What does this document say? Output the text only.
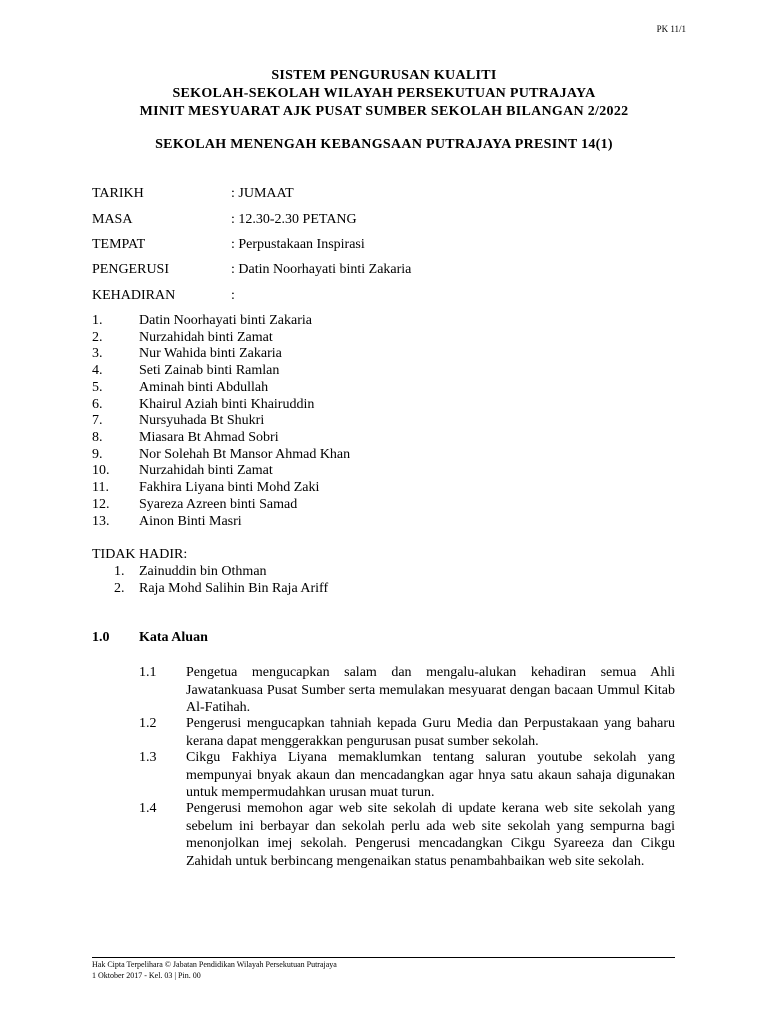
PK 11/1
SISTEM PENGURUSAN KUALITI
SEKOLAH-SEKOLAH WILAYAH PERSEKUTUAN PUTRAJAYA
MINIT MESYUARAT AJK PUSAT SUMBER SEKOLAH BILANGAN 2/2022
SEKOLAH MENENGAH KEBANGSAAN PUTRAJAYA PRESINT 14(1)
TARIKH	: JUMAAT
MASA	: 12.30-2.30 PETANG
TEMPAT	: Perpustakaan Inspirasi
PENGERUSI	: Datin Noorhayati binti Zakaria
KEHADIRAN	:
1.	Datin Noorhayati binti Zakaria
2.	Nurzahidah binti Zamat
3.	Nur Wahida binti Zakaria
4.	Seti Zainab binti Ramlan
5.	Aminah binti Abdullah
6.	Khairul Aziah binti Khairuddin
7.	Nursyuhada Bt Shukri
8.	Miasara Bt Ahmad Sobri
9.	Nor Solehah Bt Mansor Ahmad Khan
10. Nurzahidah binti Zamat
11. Fakhira Liyana binti Mohd Zaki
12. Syareza Azreen binti Samad
13. Ainon Binti Masri
TIDAK HADIR:
1. Zainuddin bin Othman
2. Raja Mohd Salihin Bin Raja Ariff
1.0 Kata Aluan
1.1 Pengetua mengucapkan salam dan mengalu-alukan kehadiran semua Ahli Jawatankuasa Pusat Sumber serta memulakan mesyuarat dengan bacaan Ummul Kitab Al-Fatihah.
1.2 Pengerusi mengucapkan tahniah kepada Guru Media dan Perpustakaan yang baharu kerana dapat menggerakkan pengurusan pusat sumber sekolah.
1.3 Cikgu Fakhiya Liyana memaklumkan tentang saluran youtube sekolah yang mempunyai bnyak akaun dan mencadangkan agar hnya satu akaun sahaja digunakan untuk mempermudahkan urusan muat turun.
1.4 Pengerusi memohon agar web site sekolah di update kerana web site sekolah yang sebelum ini berbayar dan sekolah perlu ada web site sekolah yang sempurna bagi menonjolkan imej sekolah. Pengerusi mencadangkan Cikgu Syareeza dan Cikgu Zahidah untuk berbincang mengenaikan status penambahbaikan web site sekolah.
Hak Cipta Terpelihara © Jabatan Pendidikan Wilayah Persekutuan Putrajaya
1 Oktober 2017 - Kel. 03 | Pin. 00
